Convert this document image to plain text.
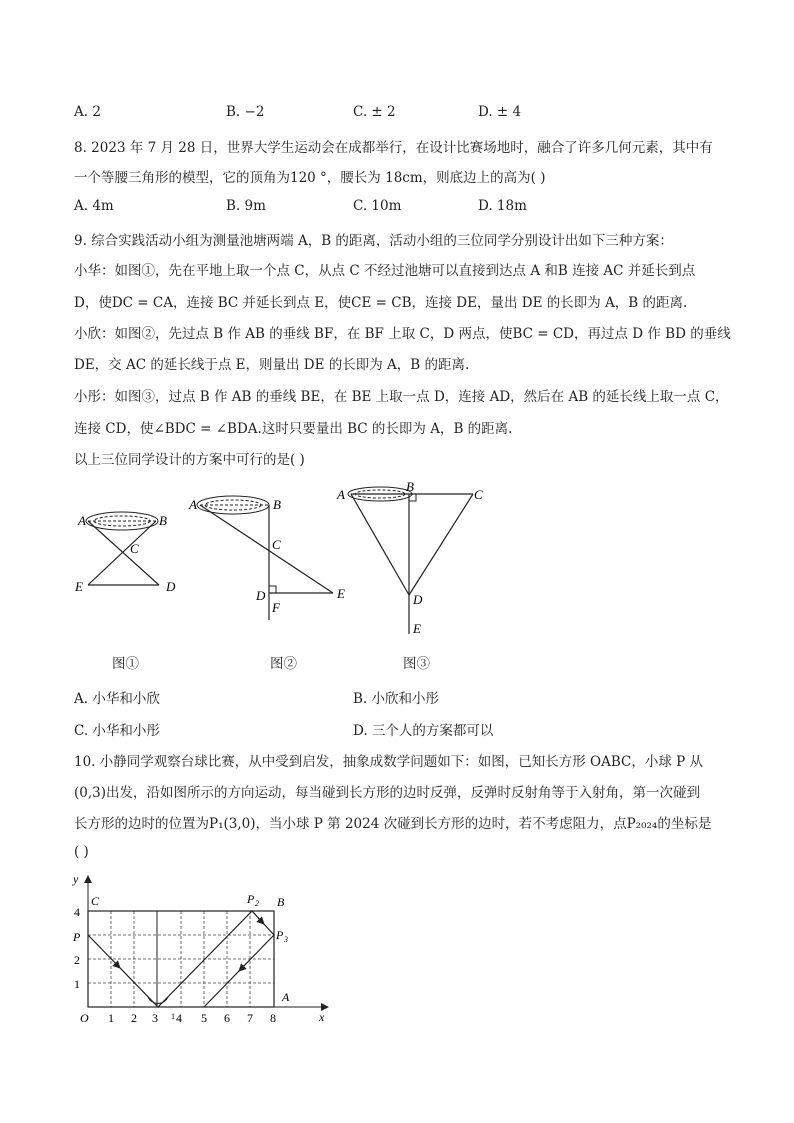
A. 2	B. −2	C. ± 2	D. ± 4
8. 2023 年 7 月 28 日，世界大学生运动会在成都举行，在设计比赛场地时，融合了许多几何元素，其中有
一个等腰三角形的模型，它的顶角为120 °，腰长为 18cm，则底边上的高为( )
A. 4m	B. 9m	C. 10m	D. 18m
9. 综合实践活动小组为测量池塘两端 A，B 的距离，活动小组的三位同学分别设计出如下三种方案：
小华：如图①，先在平地上取一个点 C，从点 C 不经过池塘可以直接到达点 A 和B 连接 AC 并延长到点
D，使DC = CA，连接 BC 并延长到点 E，使CE = CB，连接 DE，量出 DE 的长即为 A，B 的距离.
小欣：如图②，先过点 B 作 AB 的垂线 BF，在 BF 上取 C，D 两点，使BC = CD，再过点 D 作 BD 的垂线
DE，交 AC 的延长线于点 E，则量出 DE 的长即为 A，B 的距离.
小彤：如图③，过点 B 作 AB 的垂线 BE，在 BE 上取一点 D，连接 AD，然后在 AB 的延长线上取一点 C，
连接 CD，使∠BDC = ∠BDA.这时只要量出 BC 的长即为 A，B 的距离.
以上三位同学设计的方案中可行的是( )
A	B
C
E	D
A	B
C
D
F
E
A
B
C
D
E
图①	图②	图③
A. 小华和小欣	B. 小欣和小彤
C. 小华和小彤	D. 三个人的方案都可以
10. 小静同学观察台球比赛，从中受到启发，抽象成数学问题如下：如图，已知长方形 OABC，小球 P 从
(0,3)出发，沿如图所示的方向运动，每当碰到长方形的边时反弹，反弹时反射角等于入射角，第一次碰到
长方形的边时的位置为P₁(3,0)，当小球 P 第 2024 次碰到长方形的边时，若不考虑阻力，点P₂₀₂₄的坐标是
( )
O 1 2 3 4 5 6 7 8	x
1
2
4
y
C	B
P
P 2
P 3
1
A
